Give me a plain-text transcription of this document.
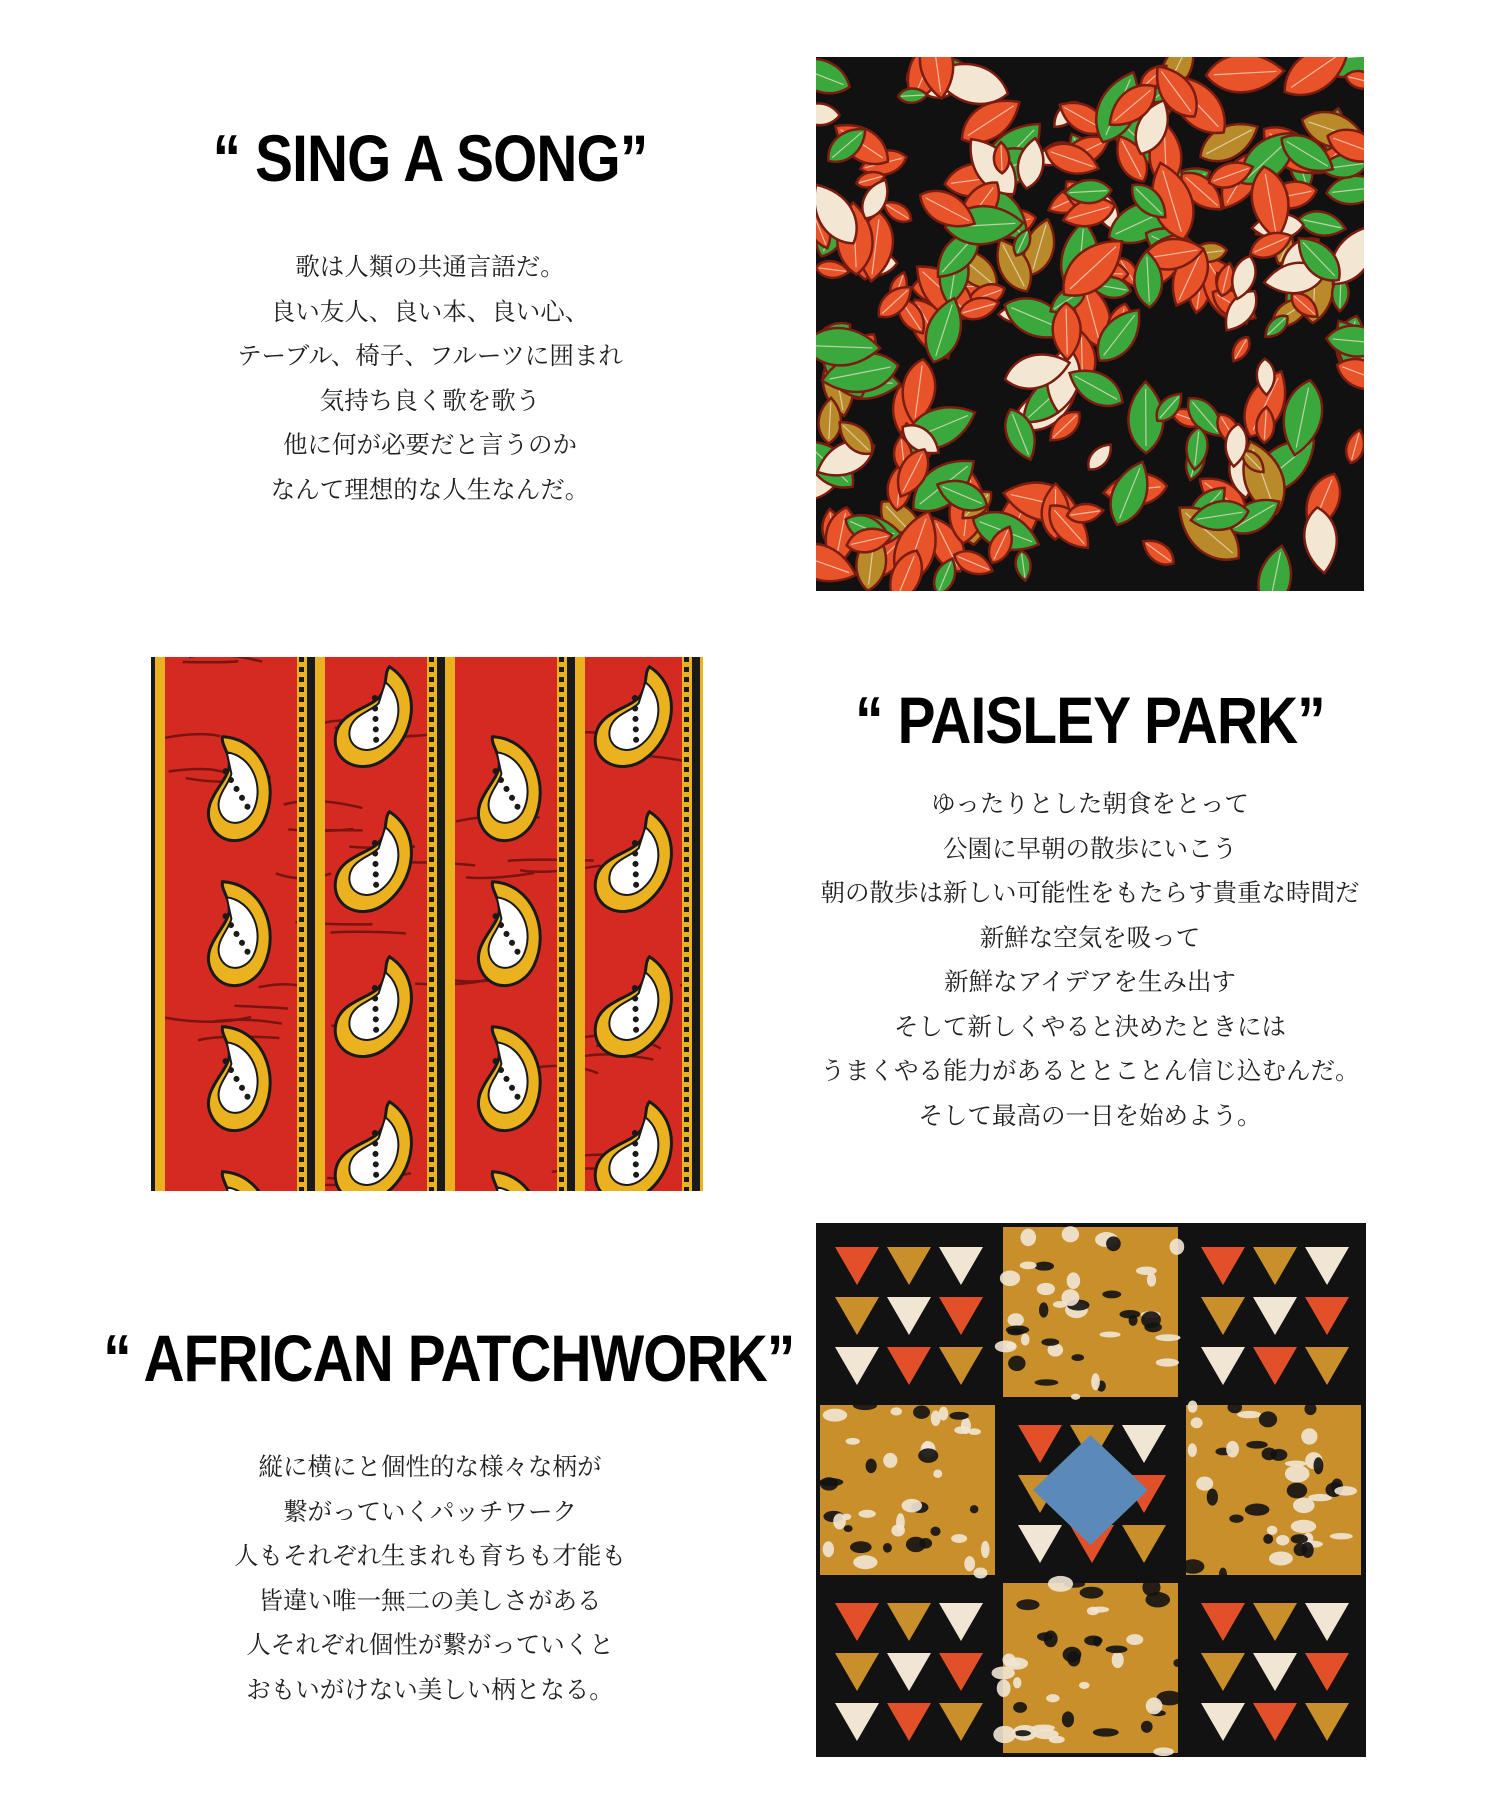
“ SING A SONG”
歌は人類の共通言語だ。
良い友人、良い本、良い心、
テーブル、椅子、フルーツに囲まれ
気持ち良く歌を歌う
他に何が必要だと言うのか
なんて理想的な人生なんだ。
“ PAISLEY PARK”
ゆったりとした朝食をとって
公園に早朝の散歩にいこう
朝の散歩は新しい可能性をもたらす貴重な時間だ
新鮮な空気を吸って
新鮮なアイデアを生み出す
そして新しくやると決めたときには
うまくやる能力があるととことん信じ込むんだ。
そして最高の一日を始めよう。
“ AFRICAN PATCHWORK”
縦に横にと個性的な様々な柄が
繋がっていくパッチワーク
人もそれぞれ生まれも育ちも才能も
皆違い唯一無二の美しさがある
人それぞれ個性が繋がっていくと
おもいがけない美しい柄となる。
